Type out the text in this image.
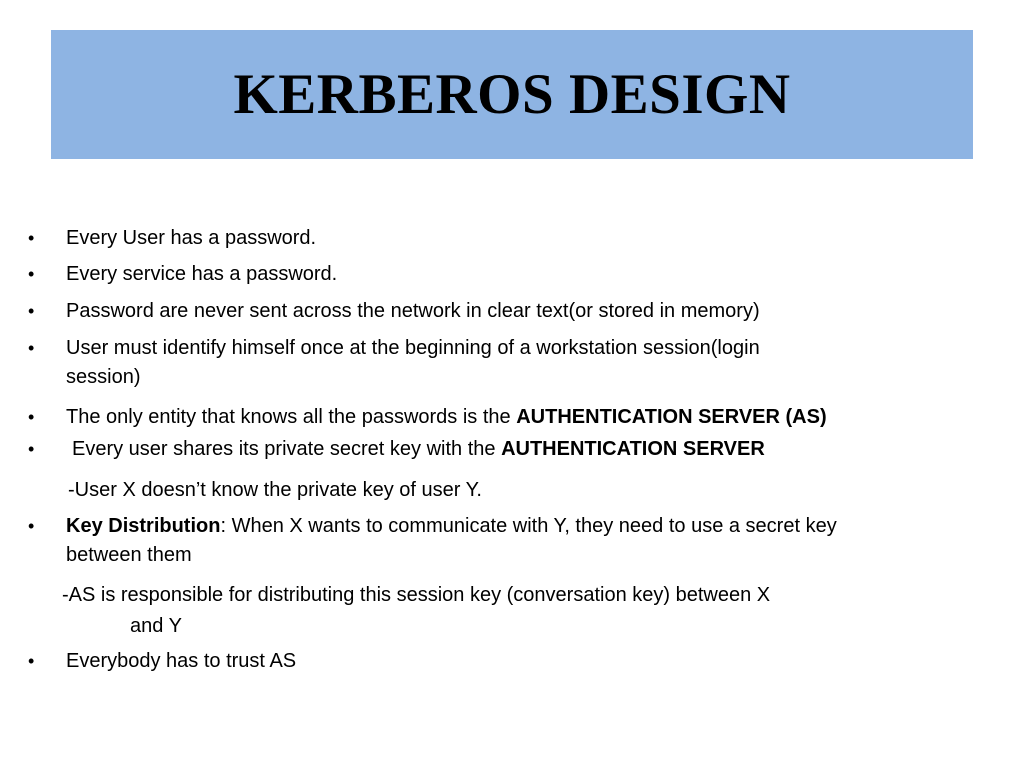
KERBEROS DESIGN
• Every User has a password.
• Every service has a password.
• Password are never sent across the network in clear text(or stored in memory)
• User must identify himself once at the beginning of a workstation session(login
session)
• The only entity that knows all the passwords is the AUTHENTICATION SERVER (AS)
• Every user shares its private secret key with the AUTHENTICATION SERVER
-User X doesn’t know the private key of user Y.
• Key Distribution: When X wants to communicate with Y, they need to use a secret key
between them
-AS is responsible for distributing this session key (conversation key) between X
and Y
• Everybody has to trust AS
